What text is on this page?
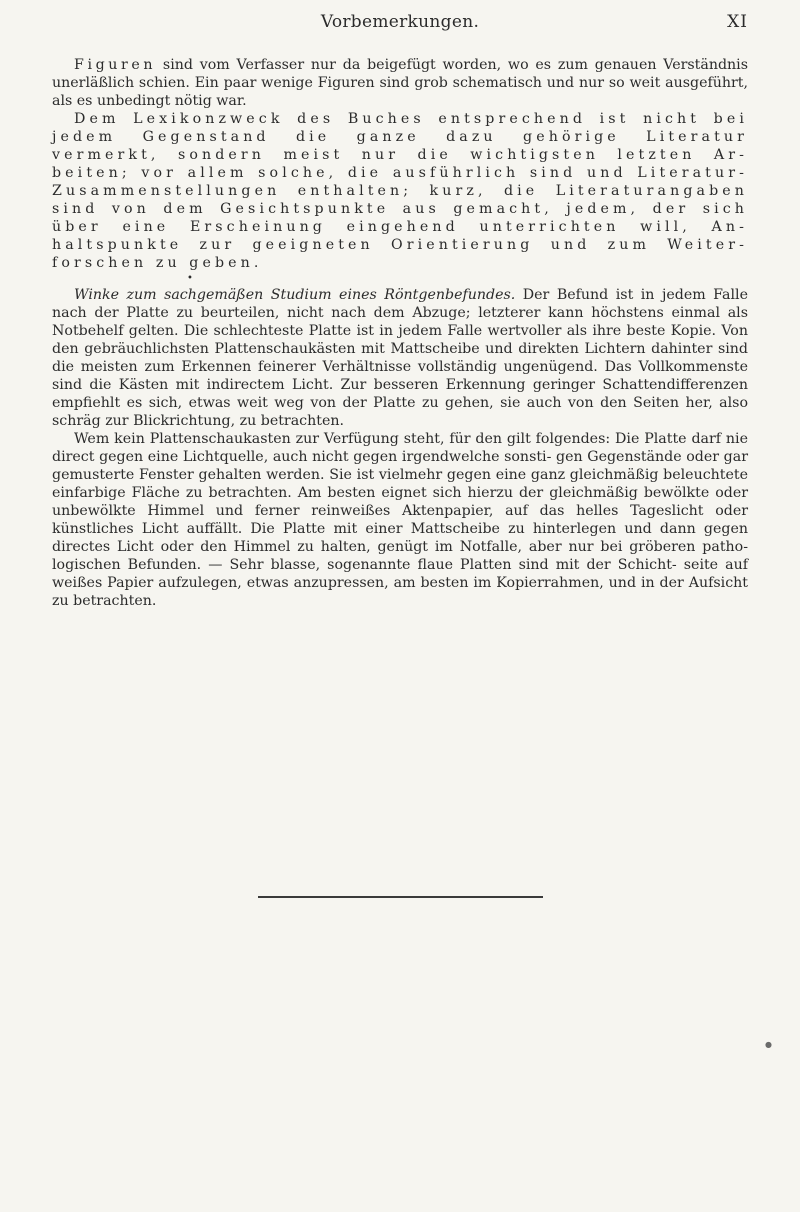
Vorbemerkungen.	XI

Figuren sind vom Verfasser nur da beigefügt worden, wo es zum genauen Verständnis unerläßlich schien. Ein paar wenige Figuren sind grob schematisch und nur so weit ausgeführt, als es unbedingt nötig war.

Dem Lexikonzweck des Buches entsprechend ist nicht bei jedem Gegenstand die ganze dazu gehörige Literatur vermerkt, sondern meist nur die wichtigsten letzten Ar- beiten; vor allem solche, die ausführlich sind und Literatur-Zusammenstellungen enthalten; kurz, die Literaturangaben sind von dem Gesichtspunkte aus gemacht, jedem, der sich über eine Erscheinung eingehend unterrichten will, An- haltspunkte zur geeigneten Orientierung und zum Weiter- forschen zu geben.

•

Winke zum sachgemäßen Studium eines Röntgenbefundes. Der Befund ist in jedem Falle nach der Platte zu beurteilen, nicht nach dem Abzuge; letzterer kann höchstens einmal als Notbehelf gelten. Die schlechteste Platte ist in jedem Falle wertvoller als ihre beste Kopie. Von den gebräuchlichsten Plattenschaukästen mit Mattscheibe und direkten Lichtern dahinter sind die meisten zum Erkennen feinerer Verhältnisse vollständig ungenügend. Das Vollkommenste sind die Kästen mit indirectem Licht. Zur besseren Erkennung geringer Schattendifferenzen empfiehlt es sich, etwas weit weg von der Platte zu gehen, sie auch von den Seiten her, also schräg zur Blickrichtung, zu betrachten.

Wem kein Plattenschaukasten zur Verfügung steht, für den gilt folgendes: Die Platte darf nie direct gegen eine Lichtquelle, auch nicht gegen irgendwelche sonsti- gen Gegenstände oder gar gemusterte Fenster gehalten werden. Sie ist vielmehr gegen eine ganz gleichmäßig beleuchtete einfarbige Fläche zu betrachten. Am besten eignet sich hierzu der gleichmäßig bewölkte oder unbewölkte Himmel und ferner reinweißes Aktenpapier, auf das helles Tageslicht oder künstliches Licht auffällt. Die Platte mit einer Mattscheibe zu hinterlegen und dann gegen directes Licht oder den Himmel zu halten, genügt im Notfalle, aber nur bei gröberen patho- logischen Befunden. — Sehr blasse, sogenannte flaue Platten sind mit der Schicht- seite auf weißes Papier aufzulegen, etwas anzupressen, am besten im Kopierrahmen, und in der Aufsicht zu betrachten.

●
